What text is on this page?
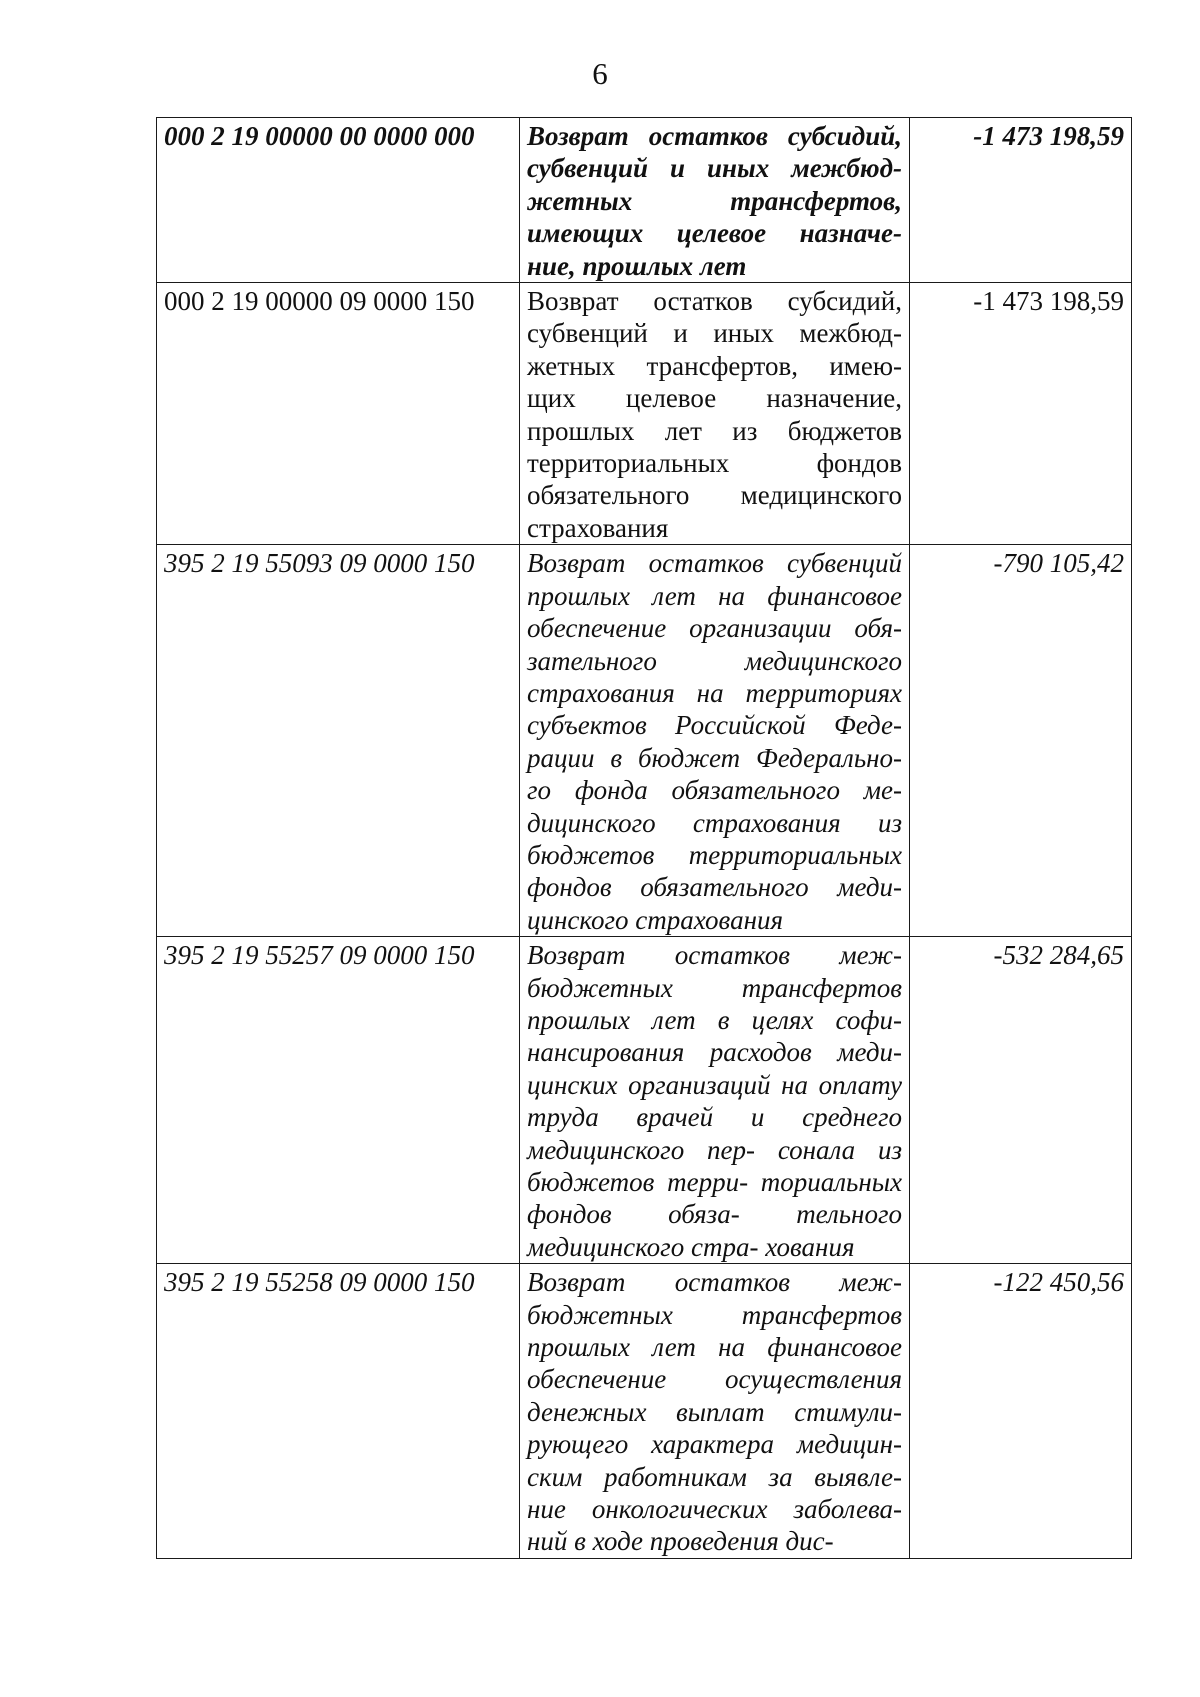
6
000 2 19 00000 00 0000 000	Возврат остатков субсидий, субвенций и иных межбюд- жетных трансфертов, имеющих целевое назначе- ние, прошлых лет	-1 473 198,59
000 2 19 00000 09 0000 150	Возврат остатков субсидий, субвенций и иных межбюд- жетных трансфертов, имею- щих целевое назначение, прошлых лет из бюджетов территориальных фондов обязательного медицинского страхования	-1 473 198,59
395 2 19 55093 09 0000 150	Возврат остатков субвенций прошлых лет на финансовое обеспечение организации обя- зательного медицинского страхования на территориях субъектов Российской Феде- рации в бюджет Федерально- го фонда обязательного ме- дицинского страхования из бюджетов территориальных фондов обязательного меди- цинского страхования	-790 105,42
395 2 19 55257 09 0000 150	Возврат остатков меж- бюджетных трансфертов прошлых лет в целях софи- нансирования расходов меди- цинских организаций на оплату труда врачей и среднего медицинского пер- сонала из бюджетов терри- ториальных фондов обяза- тельного медицинского стра- хования	-532 284,65
395 2 19 55258 09 0000 150	Возврат остатков меж- бюджетных трансфертов прошлых лет на финансовое обеспечение осуществления денежных выплат стимули- рующего характера медицин- ским работникам за выявле- ние онкологических заболева- ний в ходе проведения дис-	-122 450,56
